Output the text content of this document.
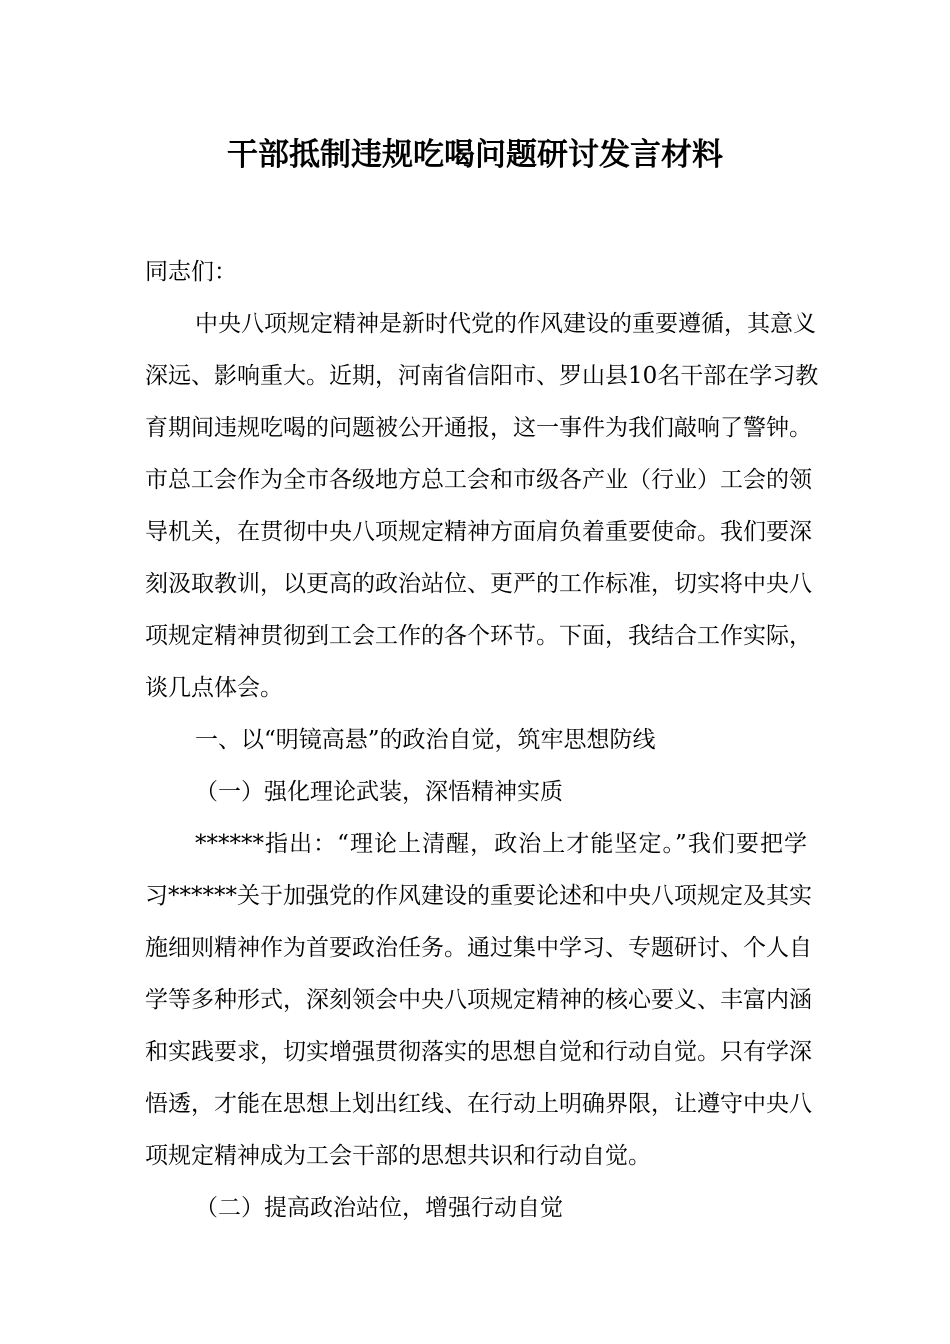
干部抵制违规吃喝问题研讨发言材料
同志们：
中央八项规定精神是新时代党的作风建设的重要遵循，其意义
深远、影响重大。近期，河南省信阳市、罗山县10名干部在学习教
育期间违规吃喝的问题被公开通报，这一事件为我们敲响了警钟。
市总工会作为全市各级地方总工会和市级各产业（行业）工会的领
导机关，在贯彻中央八项规定精神方面肩负着重要使命。我们要深
刻汲取教训，以更高的政治站位、更严的工作标准，切实将中央八
项规定精神贯彻到工会工作的各个环节。下面，我结合工作实际，
谈几点体会。
一、以“明镜高悬”的政治自觉，筑牢思想防线
（一）强化理论武装，深悟精神实质
******指出：“理论上清醒，政治上才能坚定。”我们要把学
习******关于加强党的作风建设的重要论述和中央八项规定及其实
施细则精神作为首要政治任务。通过集中学习、专题研讨、个人自
学等多种形式，深刻领会中央八项规定精神的核心要义、丰富内涵
和实践要求，切实增强贯彻落实的思想自觉和行动自觉。只有学深
悟透，才能在思想上划出红线、在行动上明确界限，让遵守中央八
项规定精神成为工会干部的思想共识和行动自觉。
（二）提高政治站位，增强行动自觉
